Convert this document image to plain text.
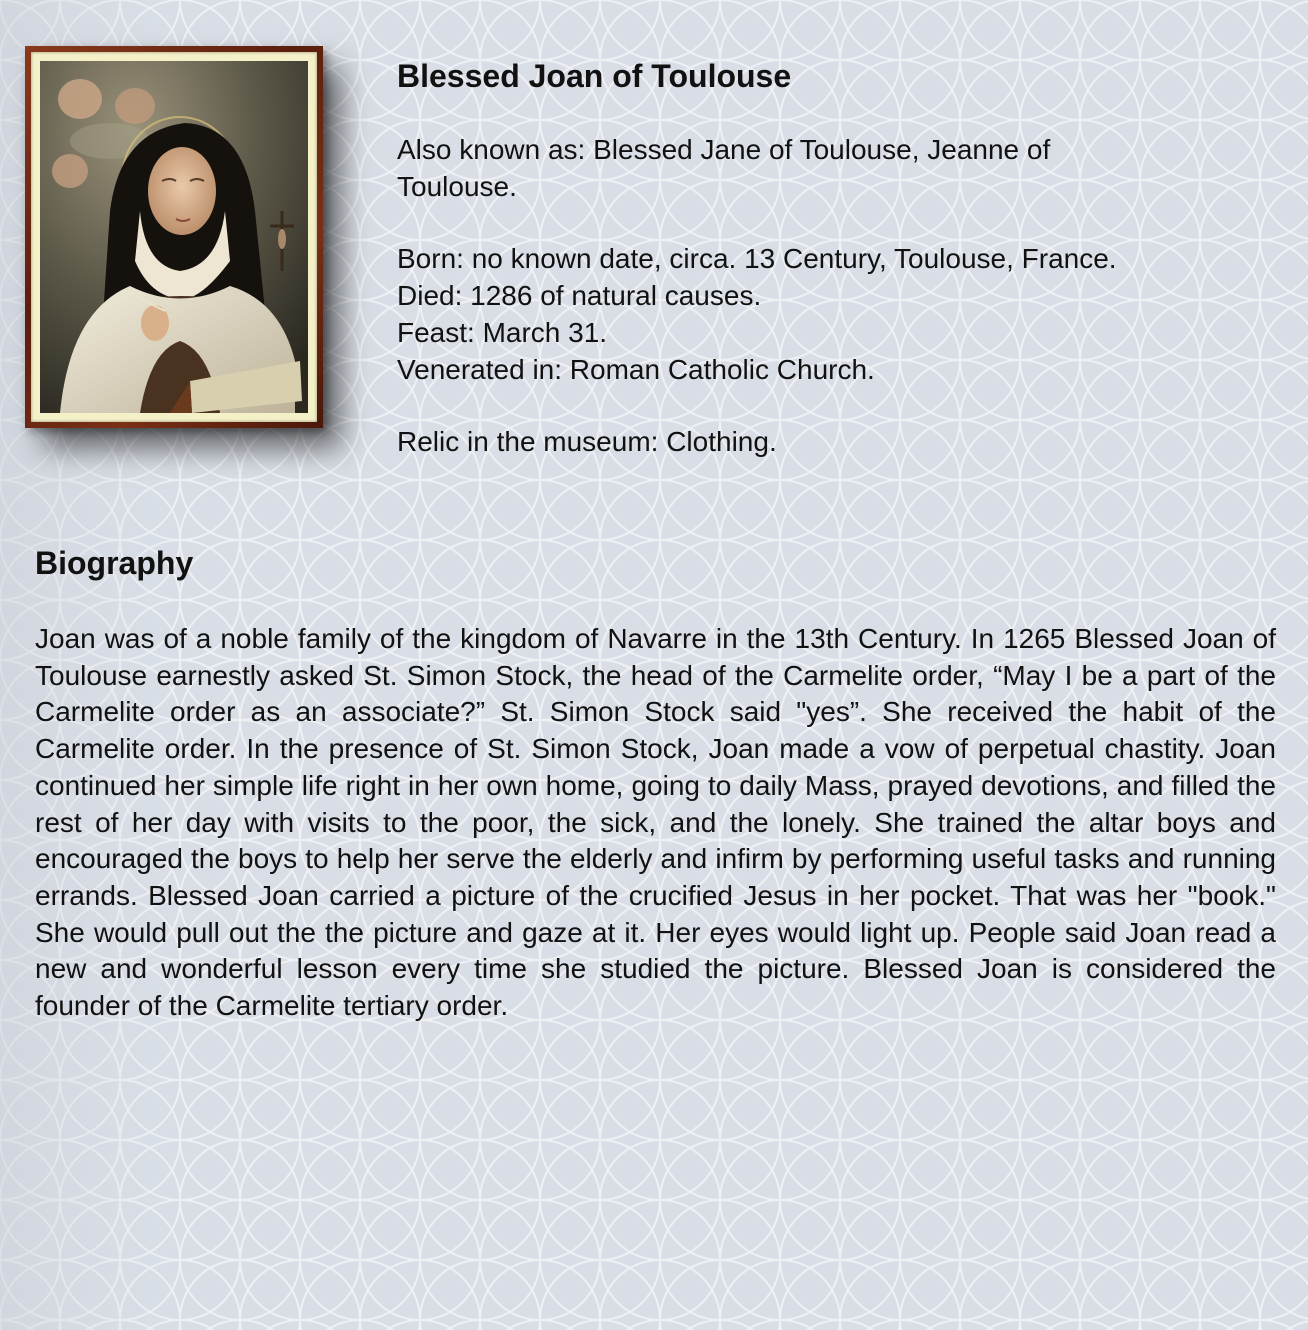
Blessed Joan of Toulouse

Also known as: Blessed Jane of Toulouse, Jeanne of Toulouse.

Born: no known date, circa. 13 Century, Toulouse, France.

Died: 1286 of natural causes.

Feast: March 31.

Venerated in: Roman Catholic Church.

Relic in the museum: Clothing.

Biography

Joan was of a noble family of the kingdom of Navarre in the 13th Century. In 1265 Blessed Joan of Toulouse earnestly asked St. Simon Stock, the head of the Carmelite order, “May I be a part of the Carmelite order as an associate?” St. Simon Stock said "yes”. She received the habit of the Carmelite order. In the presence of St. Simon Stock, Joan made a vow of perpetual chastity. Joan continued her simple life right in her own home, going to daily Mass, prayed devotions, and filled the rest of her day with visits to the poor, the sick, and the lonely. She trained the altar boys and encouraged the boys to help her serve the elderly and infirm by performing useful tasks and running errands. Blessed Joan carried a picture of the crucified Jesus in her pocket. That was her "book." She would pull out the the picture and gaze at it. Her eyes would light up. People said Joan read a new and wonderful lesson every time she studied the picture. Blessed Joan is considered the founder of the Carmelite tertiary order.
